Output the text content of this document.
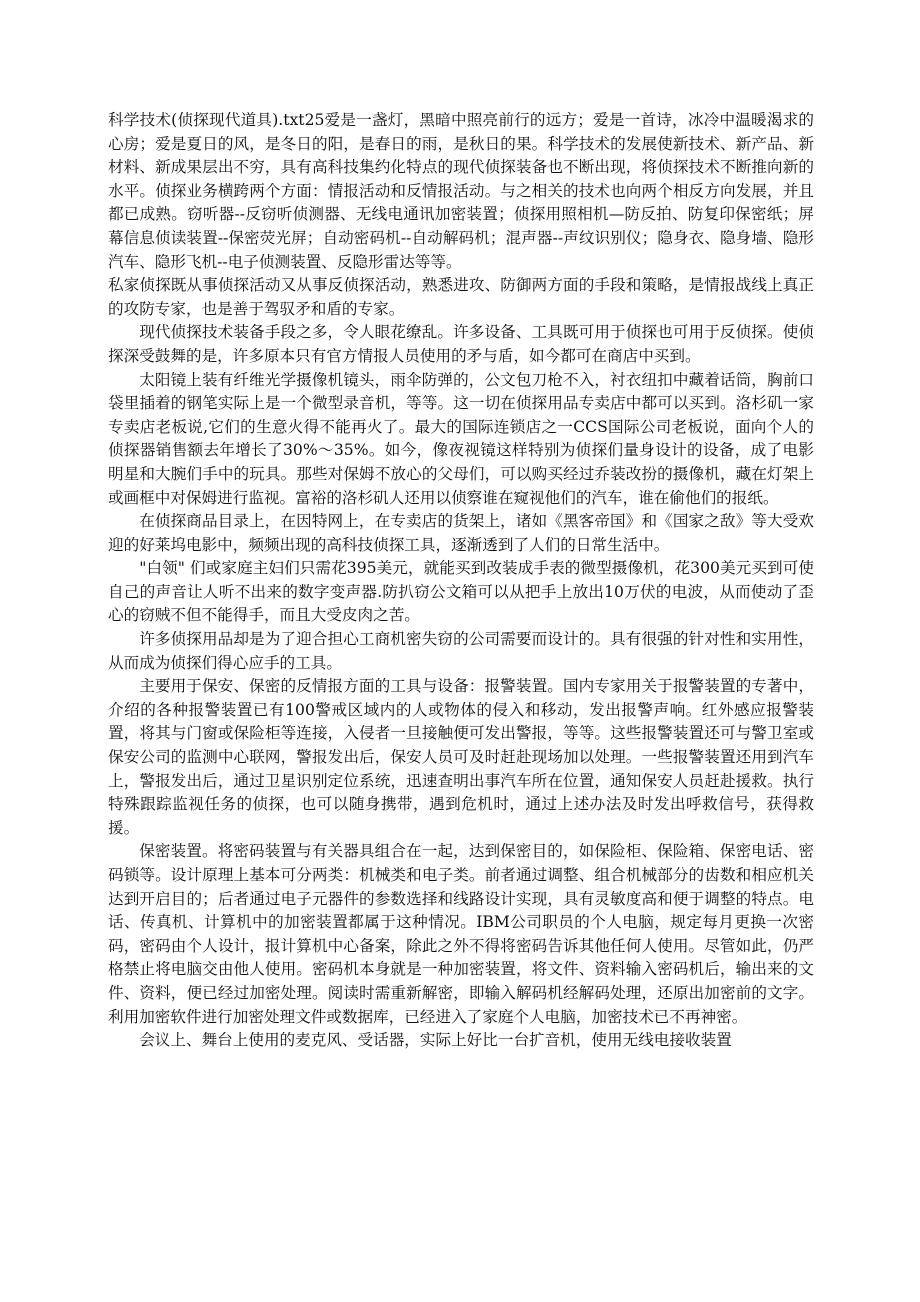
科学技术(侦探现代道具).txt25爱是一盏灯，黑暗中照亮前行的远方；爱是一首诗，冰冷中温暖渴求的心房；爱是夏日的风，是冬日的阳，是春日的雨，是秋日的果。科学技术的发展使新技术、新产品、新材料、新成果层出不穷，具有高科技集约化特点的现代侦探装备也不断出现，将侦探技术不断推向新的水平。侦探业务横跨两个方面：情报活动和反情报活动。与之相关的技术也向两个相反方向发展，并且都已成熟。窃听器--反窃听侦测器、无线电通讯加密装置；侦探用照相机—防反拍、防复印保密纸；屏幕信息侦读装置--保密荧光屏；自动密码机--自动解码机；混声器--声纹识别仪；隐身衣、隐身墙、隐形汽车、隐形飞机--电子侦测装置、反隐形雷达等等。

私家侦探既从事侦探活动又从事反侦探活动，熟悉进攻、防御两方面的手段和策略，是情报战线上真正的攻防专家，也是善于驾驭矛和盾的专家。

现代侦探技术装备手段之多，令人眼花缭乱。许多设备、工具既可用于侦探也可用于反侦探。使侦探深受鼓舞的是，许多原本只有官方情报人员使用的矛与盾，如今都可在商店中买到。

太阳镜上装有纤维光学摄像机镜头，雨伞防弹的，公文包刀枪不入，衬衣纽扣中藏着话筒，胸前口袋里插着的钢笔实际上是一个微型录音机，等等。这一切在侦探用品专卖店中都可以买到。洛杉矶一家专卖店老板说,它们的生意火得不能再火了。最大的国际连锁店之一CCS国际公司老板说，面向个人的侦探器销售额去年增长了30%～35%。如今，像夜视镜这样特别为侦探们量身设计的设备，成了电影明星和大腕们手中的玩具。那些对保姆不放心的父母们，可以购买经过乔装改扮的摄像机，藏在灯架上或画框中对保姆进行监视。富裕的洛杉矶人还用以侦察谁在窥视他们的汽车，谁在偷他们的报纸。

在侦探商品目录上，在因特网上，在专卖店的货架上，诸如《黑客帝国》和《国家之敌》等大受欢迎的好莱坞电影中，频频出现的高科技侦探工具，逐渐透到了人们的日常生活中。

"白领" 们或家庭主妇们只需花395美元，就能买到改装成手表的微型摄像机，花300美元买到可使自己的声音让人听不出来的数字变声器.防扒窃公文箱可以从把手上放出10万伏的电波，从而使动了歪心的窃贼不但不能得手，而且大受皮肉之苦。

许多侦探用品却是为了迎合担心工商机密失窃的公司需要而设计的。具有很强的针对性和实用性，从而成为侦探们得心应手的工具。

主要用于保安、保密的反情报方面的工具与设备：报警装置。国内专家用关于报警装置的专著中，介绍的各种报警装置已有100警戒区域内的人或物体的侵入和移动，发出报警声响。红外感应报警装置，将其与门窗或保险柜等连接，入侵者一旦接触便可发出警报，等等。这些报警装置还可与警卫室或保安公司的监测中心联网，警报发出后，保安人员可及时赶赴现场加以处理。一些报警装置还用到汽车上，警报发出后，通过卫星识别定位系统，迅速查明出事汽车所在位置，通知保安人员赶赴援救。执行特殊跟踪监视任务的侦探，也可以随身携带，遇到危机时，通过上述办法及时发出呼救信号，获得救援。

保密装置。将密码装置与有关器具组合在一起，达到保密目的，如保险柜、保险箱、保密电话、密码锁等。设计原理上基本可分两类：机械类和电子类。前者通过调整、组合机械部分的齿数和相应机关达到开启目的；后者通过电子元器件的参数选择和线路设计实现，具有灵敏度高和便于调整的特点。电话、传真机、计算机中的加密装置都属于这种情况。IBM公司职员的个人电脑，规定每月更换一次密码，密码由个人设计，报计算机中心备案，除此之外不得将密码告诉其他任何人使用。尽管如此，仍严格禁止将电脑交由他人使用。密码机本身就是一种加密装置，将文件、资料输入密码机后，输出来的文件、资料，便已经过加密处理。阅读时需重新解密，即输入解码机经解码处理，还原出加密前的文字。利用加密软件进行加密处理文件或数据库，已经进入了家庭个人电脑，加密技术已不再神密。

会议上、舞台上使用的麦克风、受话器，实际上好比一台扩音机，使用无线电接收装置
